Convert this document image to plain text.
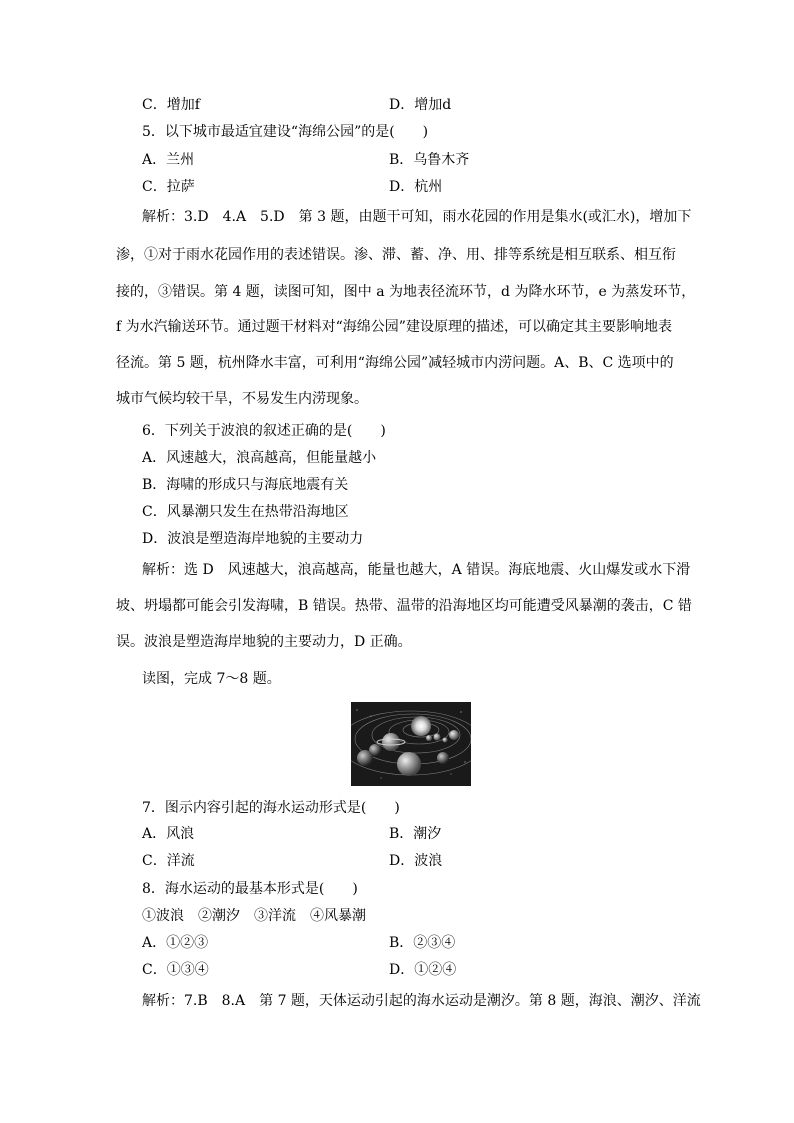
C．增加f	D．增加d
5．以下城市最适宜建设“海绵公园”的是(　　)
A．兰州	B．乌鲁木齐
C．拉萨	D．杭州
解析：3.D　4.A　5.D　第 3 题，由题干可知，雨水花园的作用是集水(或汇水)，增加下
渗，①对于雨水花园作用的表述错误。渗、滞、蓄、净、用、排等系统是相互联系、相互衔
接的，③错误。第 4 题，读图可知，图中 a 为地表径流环节，d 为降水环节，e 为蒸发环节，
f 为水汽输送环节。通过题干材料对“海绵公园”建设原理的描述，可以确定其主要影响地表
径流。第 5 题，杭州降水丰富，可利用“海绵公园”减轻城市内涝问题。A、B、C 选项中的
城市气候均较干旱，不易发生内涝现象。
6．下列关于波浪的叙述正确的是(　　)
A．风速越大，浪高越高，但能量越小
B．海啸的形成只与海底地震有关
C．风暴潮只发生在热带沿海地区
D．波浪是塑造海岸地貌的主要动力
解析：选 D　风速越大，浪高越高，能量也越大，A 错误。海底地震、火山爆发或水下滑
坡、坍塌都可能会引发海啸，B 错误。热带、温带的沿海地区均可能遭受风暴潮的袭击，C 错
误。波浪是塑造海岸地貌的主要动力，D 正确。
读图，完成 7～8 题。
7．图示内容引起的海水运动形式是(　　)
A．风浪	B．潮汐
C．洋流	D．波浪
8．海水运动的最基本形式是(　　)
①波浪　②潮汐　③洋流　④风暴潮
A．①②③	B．②③④
C．①③④	D．①②④
解析：7.B　8.A　第 7 题，天体运动引起的海水运动是潮汐。第 8 题，海浪、潮汐、洋流
